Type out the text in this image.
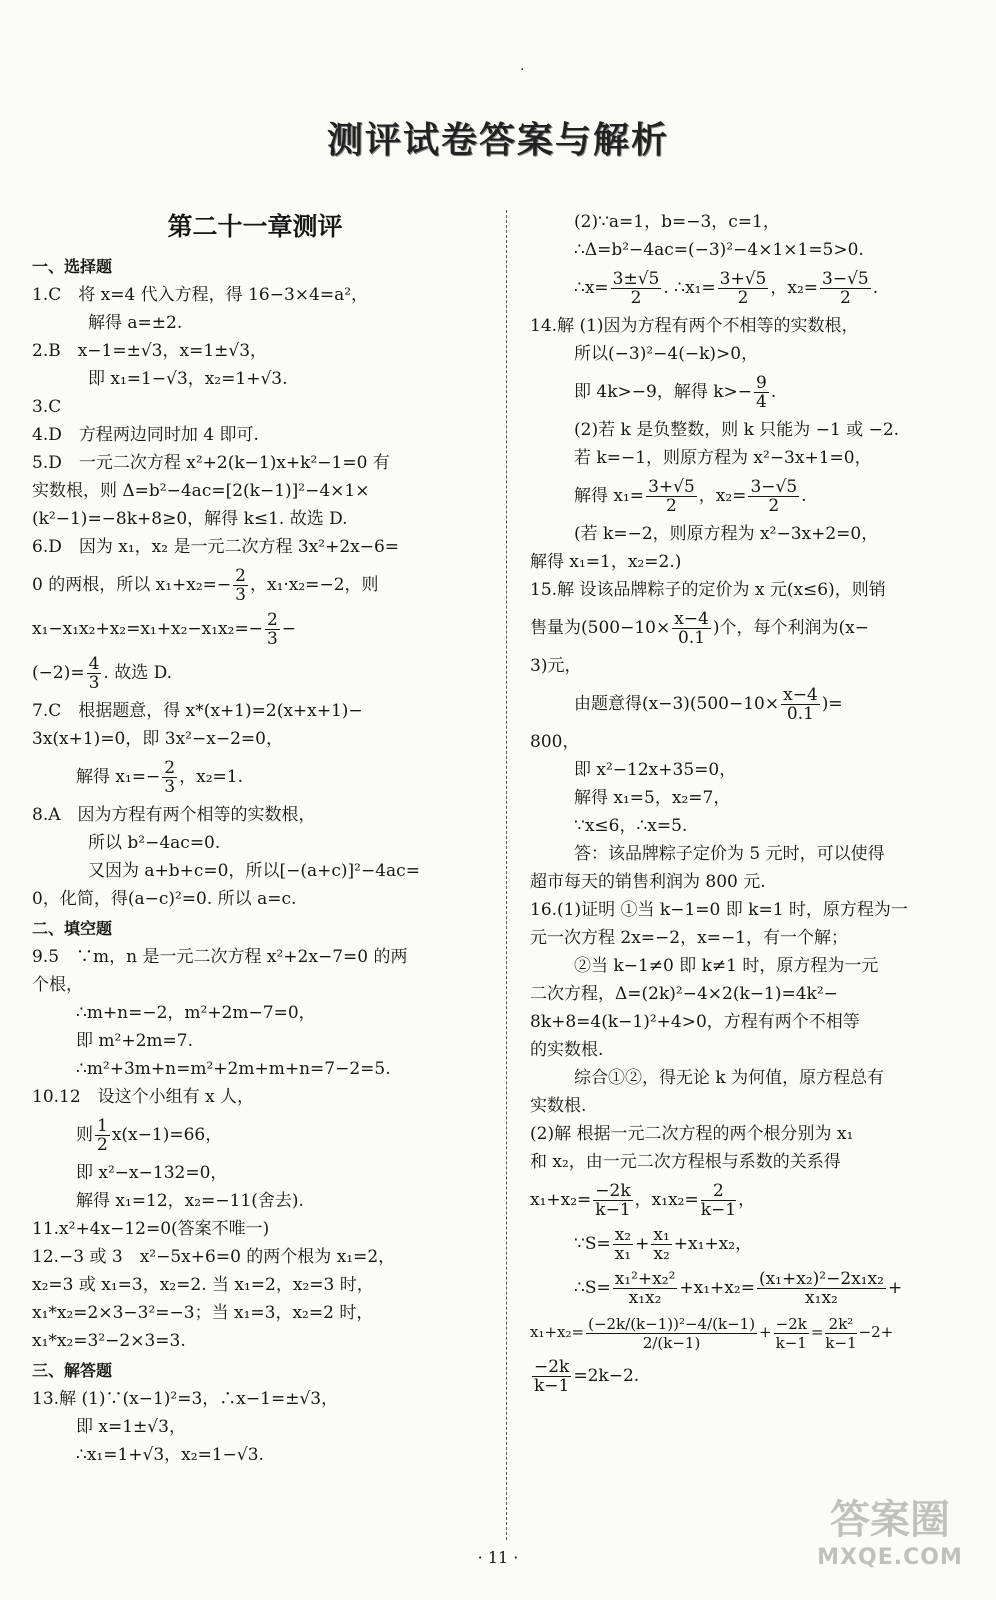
·
测评试卷答案与解析
第二十一章测评
一、选择题

1.C　将 x=4 代入方程，得 16−3×4=a²，

解得 a=±2.

2.B　x−1=±√3，x=1±√3，

即 x₁=1−√3，x₂=1+√3.

3.C

4.D　方程两边同时加 4 即可.

5.D　一元二次方程 x²+2(k−1)x+k²−1=0 有

实数根，则 Δ=b²−4ac=[2(k−1)]²−4×1×

(k²−1)=−8k+8≥0，解得 k≤1. 故选 D.

6.D　因为 x₁，x₂ 是一元二次方程 3x²+2x−6=

0 的两根，所以 $x_1+x_2=- \frac{2}{3}$ ，x₁·x₂=−2，则

$x_1-x_1x_2+x_2=x_1+x_2-x_1x_2=- \frac{2}{3}$ −

$(-2)= \frac{4}{3}$ . 故选 D.

7.C　根据题意，得 x*(x+1)=2(x+x+1)−

3x(x+1)=0，即 3x²−x−2=0，

解得 $x_1=- \frac{2}{3}$ ，x₂=1.

8.A　因为方程有两个相等的实数根，

所以 b²−4ac=0.

又因为 a+b+c=0，所以[−(a+c)]²−4ac=

0，化简，得(a−c)²=0. 所以 a=c.

二、填空题

9.5　∵m，n 是一元二次方程 x²+2x−7=0 的两

个根，

∴m+n=−2，m²+2m−7=0，

即 m²+2m=7.

∴m²+3m+n=m²+2m+m+n=7−2=5.

10.12　设这个小组有 x 人，

则 $\frac{1}{2} x(x-1)=66$，

即 x²−x−132=0，

解得 x₁=12，x₂=−11(舍去).

11.x²+4x−12=0(答案不唯一)

12.−3 或 3　x²−5x+6=0 的两个根为 x₁=2，

x₂=3 或 x₁=3，x₂=2. 当 x₁=2，x₂=3 时，

x₁*x₂=2×3−3²=−3；当 x₁=3，x₂=2 时，

x₁*x₂=3²−2×3=3.

三、解答题

13.解 (1)∵(x−1)²=3，∴x−1=±√3，

即 x=1±√3，

∴x₁=1+√3，x₂=1−√3.

(2)∵a=1，b=−3，c=1，

∴Δ=b²−4ac=(−3)²−4×1×1=5>0.

∴x= $\frac{3\pm√5}{2}$ . ∴x₁= $\frac{3+√5}{2}$ ，$x_2= \frac{3-√5}{2}$ .

14.解 (1)因为方程有两个不相等的实数根，

所以(−3)²−4(−k)>0，

即 4k>−9，解得 $k>- \frac{9}{4}$ .

(2)若 k 是负整数，则 k 只能为 −1 或 −2.

若 k=−1，则原方程为 x²−3x+1=0，

解得 $x_1= \frac{3+√5}{2}$ ，$x_2= \frac{3-√5}{2}$ .

(若 k=−2，则原方程为 x²−3x+2=0，

解得 x₁=1，x₂=2.)

15.解 设该品牌粽子的定价为 x 元(x≤6)，则销

售量为($500-10\times \frac{x-4}{0.1}$ )个，每个利润为(x−

3)元，

由题意得$(x-3)(500-10\times \frac{x-4}{0.1}$ )=

800，

即 x²−12x+35=0，

解得 x₁=5，x₂=7，

∵x≤6，∴x=5.

答：该品牌粽子定价为 5 元时，可以使得

超市每天的销售利润为 800 元.

16.(1)证明 ①当 k−1=0 即 k=1 时，原方程为一

元一次方程 2x=−2，x=−1，有一个解；

②当 k−1≠0 即 k≠1 时，原方程为一元

二次方程，Δ=(2k)²−4×2(k−1)=4k²−

8k+8=4(k−1)²+4>0，方程有两个不相等

的实数根.

综合①②，得无论 k 为何值，原方程总有

实数根.

(2)解 根据一元二次方程的两个根分别为 x₁

和 x₂，由一元二次方程根与系数的关系得

$x_1+x_2= \frac{-2k}{k-1}$ ，$x_1x_2= \frac{2}{k-1}$ ，

∵S= $\frac{\text{x₂}}{\text{x₁}} + \frac{\text{x₁}}{\text{x₂}} +x_1+x_2$，

∴S= $\frac{\text{x₁²+x₂²}}{\text{x₁x₂}} +x_1+x_2= \frac{\text{(x₁+x₂)²−2x₁x₂}}{\text{x₁x₂}}$ +

$x_1+x_2= \frac{\text{(−2k/(k−1))²−4/(k−1)}}{2/(k-1)} + \frac{-2k}{k-1} = \frac{\text{2k²}}{k-1} -2+$

$\frac{-2k}{k-1} =2k-2$.

· 11 ·
答案圈
MXQE.COM
